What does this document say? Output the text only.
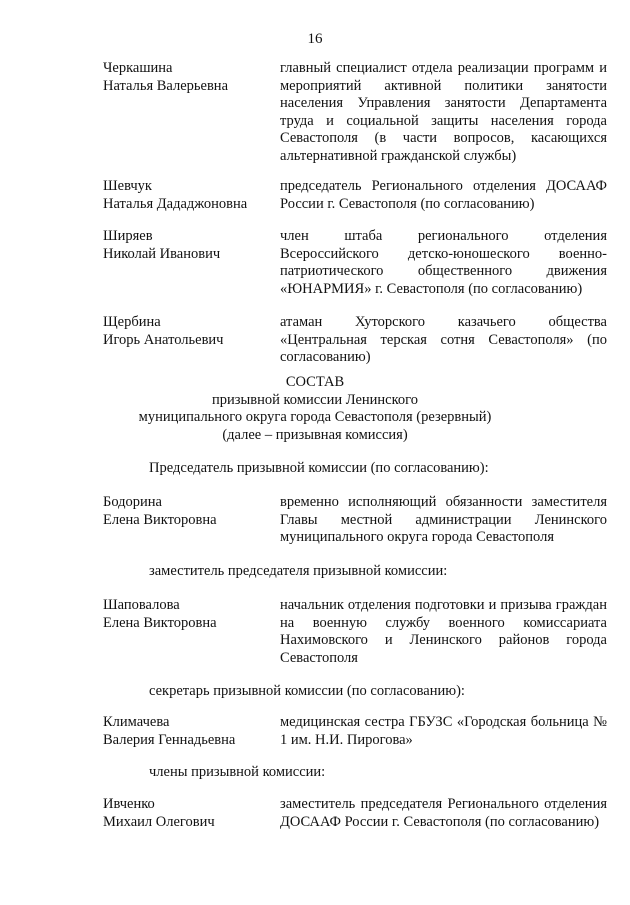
16
Черкашина
Наталья Валерьевна
главный специалист отдела реализации программ и мероприятий активной политики занятости населения Управления занятости Департамента труда и социальной защиты населения города Севастополя (в части вопросов, касающихся альтернативной гражданской службы)
Шевчук
Наталья Дададжоновна
председатель Регионального отделения ДОСААФ России г. Севастополя (по согласованию)
Ширяев
Николай Иванович
член штаба регионального отделения Всероссийского детско-юношеского военно-патриотического общественного движения «ЮНАРМИЯ» г. Севастополя (по согласованию)
Щербина
Игорь Анатольевич
атаман Хуторского казачьего общества «Центральная терская сотня Севастополя» (по согласованию)
СОСТАВ
призывной комиссии Ленинского
муниципального округа города Севастополя (резервный)
(далее – призывная комиссия)
Председатель призывной комиссии (по согласованию):
Бодорина
Елена Викторовна
временно исполняющий обязанности заместителя Главы местной администрации Ленинского муниципального округа города Севастополя
заместитель председателя призывной комиссии:
Шаповалова
Елена Викторовна
начальник отделения подготовки и призыва граждан на военную службу военного комиссариата Нахимовского и Ленинского районов города Севастополя
секретарь призывной комиссии (по согласованию):
Климачева
Валерия Геннадьевна
медицинская сестра ГБУЗС «Городская больница № 1 им. Н.И. Пирогова»
члены призывной комиссии:
Ивченко
Михаил Олегович
заместитель председателя Регионального отделения ДОСААФ России г. Севастополя (по согласованию)
